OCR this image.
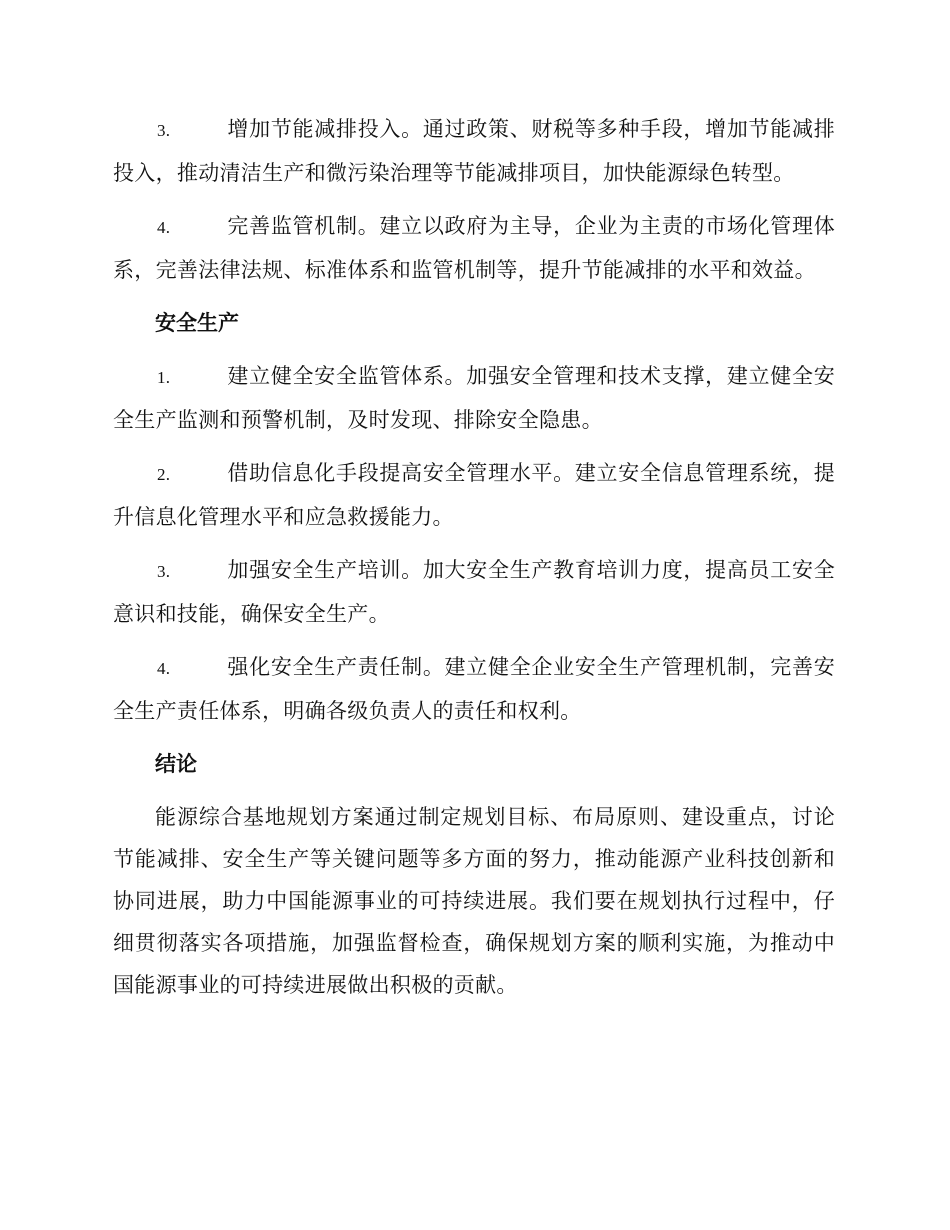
3.	增加节能减排投入。通过政策、财税等多种手段，增加节能减排投入，推动清洁生产和微污染治理等节能减排项目，加快能源绿色转型。

4.	完善监管机制。建立以政府为主导，企业为主责的市场化管理体系，完善法律法规、标准体系和监管机制等，提升节能减排的水平和效益。

安全生产

1.	建立健全安全监管体系。加强安全管理和技术支撑，建立健全安全生产监测和预警机制，及时发现、排除安全隐患。

2.	借助信息化手段提高安全管理水平。建立安全信息管理系统，提升信息化管理水平和应急救援能力。

3.	加强安全生产培训。加大安全生产教育培训力度，提高员工安全意识和技能，确保安全生产。

4.	强化安全生产责任制。建立健全企业安全生产管理机制，完善安全生产责任体系，明确各级负责人的责任和权利。

结论

能源综合基地规划方案通过制定规划目标、布局原则、建设重点，讨论节能减排、安全生产等关键问题等多方面的努力，推动能源产业科技创新和协同进展，助力中国能源事业的可持续进展。我们要在规划执行过程中，仔细贯彻落实各项措施，加强监督检查，确保规划方案的顺利实施，为推动中国能源事业的可持续进展做出积极的贡献。
